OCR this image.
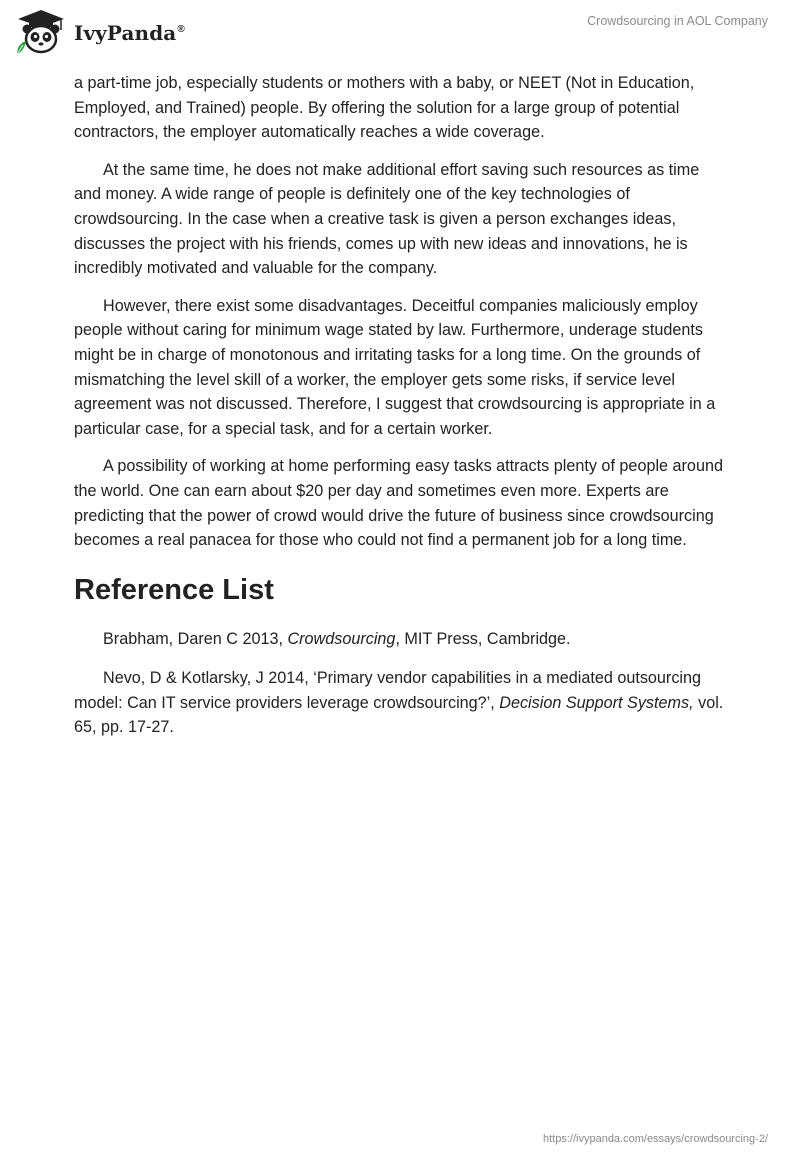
IvyPanda®
Crowdsourcing in AOL Company

a part-time job, especially students or mothers with a baby, or NEET (Not in Education, Employed, and Trained) people. By offering the solution for a large group of potential contractors, the employer automatically reaches a wide coverage.

At the same time, he does not make additional effort saving such resources as time and money. A wide range of people is definitely one of the key technologies of crowdsourcing. In the case when a creative task is given a person exchanges ideas, discusses the project with his friends, comes up with new ideas and innovations, he is incredibly motivated and valuable for the company.

However, there exist some disadvantages. Deceitful companies maliciously employ people without caring for minimum wage stated by law. Furthermore, underage students might be in charge of monotonous and irritating tasks for a long time. On the grounds of mismatching the level skill of a worker, the employer gets some risks, if service level agreement was not discussed. Therefore, I suggest that crowdsourcing is appropriate in a particular case, for a special task, and for a certain worker.

A possibility of working at home performing easy tasks attracts plenty of people around the world. One can earn about $20 per day and sometimes even more. Experts are predicting that the power of crowd would drive the future of business since crowdsourcing becomes a real panacea for those who could not find a permanent job for a long time.

Reference List

Brabham, Daren C 2013, Crowdsourcing, MIT Press, Cambridge.

Nevo, D & Kotlarsky, J 2014, ‘Primary vendor capabilities in a mediated outsourcing model: Can IT service providers leverage crowdsourcing?’, Decision Support Systems, vol. 65, pp. 17-27.

https://ivypanda.com/essays/crowdsourcing-2/
